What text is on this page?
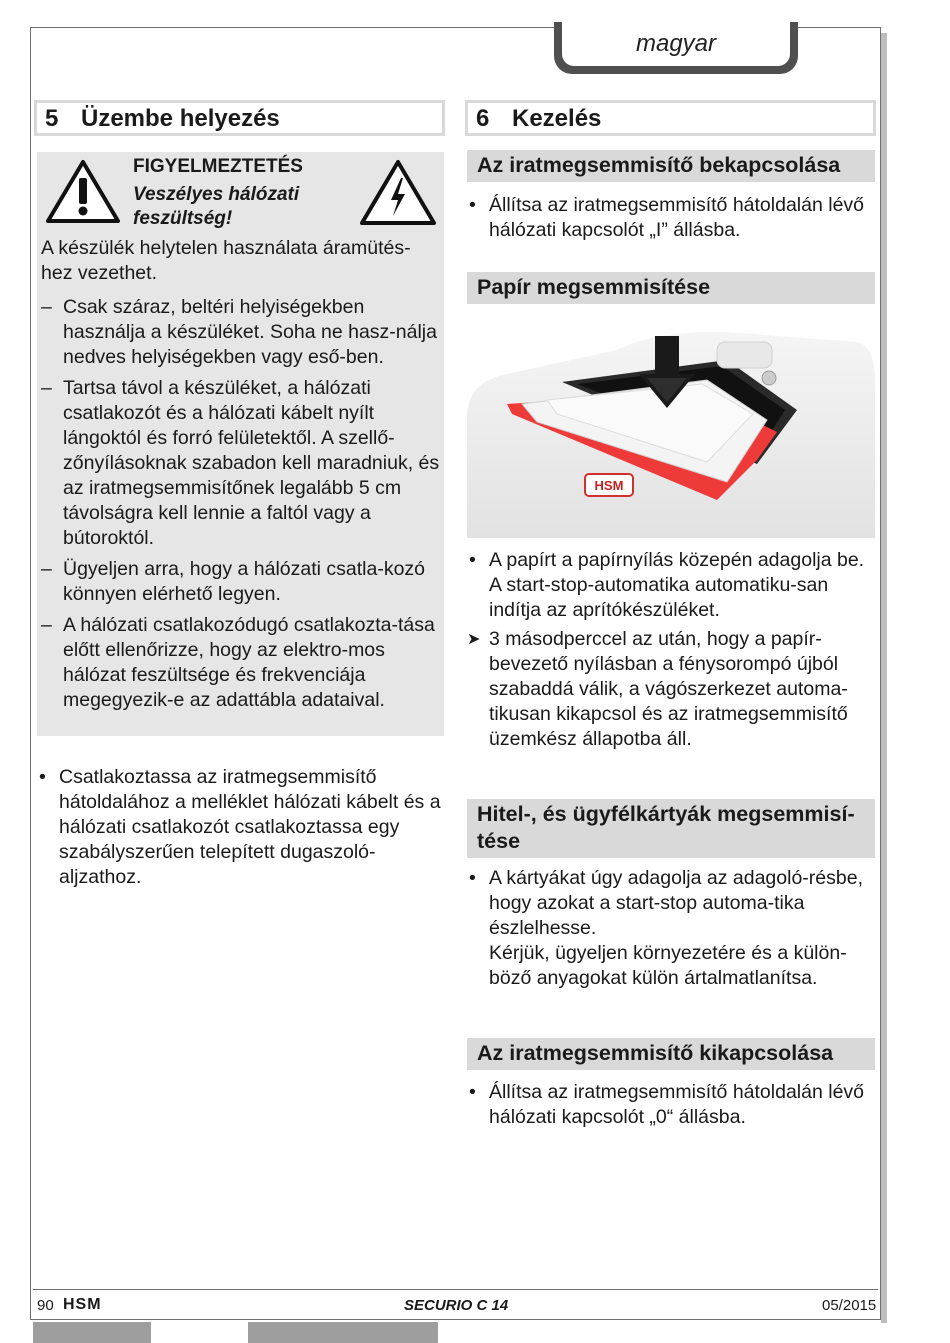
magyar
5 Üzembe helyezés
FIGYELMEZTETÉS
Veszélyes hálózati feszültség!
A készülék helytelen használata áramütés-hez vezethet.
– Csak száraz, beltéri helyiségekben használja a készüléket. Soha ne hasz-nálja nedves helyiségekben vagy eső-ben.
– Tartsa távol a készüléket, a hálózati csatlakozót és a hálózati kábelt nyílt lángoktól és forró felületektől. A szellő-zőnyílásoknak szabadon kell maradniuk, és az iratmegsemmisítőnek legalább 5 cm távolságra kell lennie a faltól vagy a bútoroktól.
– Ügyeljen arra, hogy a hálózati csatla-kozó könnyen elérhető legyen.
– A hálózati csatlakozódugó csatlakozta-tása előtt ellenőrizze, hogy az elektro-mos hálózat feszültsége és frekvenciája megegyezik-e az adattábla adataival.
• Csatlakoztassa az iratmegsemmisítő hátoldalához a melléklet hálózati kábelt és a hálózati csatlakozót csatlakoztassa egy szabályszerűen telepített dugaszoló-aljzathoz.
6 Kezelés
Az iratmegsemmisítő bekapcsolása
• Állítsa az iratmegsemmisítő hátoldalán lévő hálózati kapcsolót „I” állásba.
Papír megsemmisítése
HSM
• A papírt a papírnyílás közepén adagolja be. A start-stop-automatika automatiku-san indítja az aprítókészüléket.
➤ 3 másodperccel az után, hogy a papír-bevezető nyílásban a fénysorompó újból szabaddá válik, a vágószerkezet automa-tikusan kikapcsol és az iratmegsemmisítő üzemkész állapotba áll.
Hitel-, és ügyfélkártyák megsemmisí-tése
• A kártyákat úgy adagolja az adagoló-résbe, hogy azokat a start-stop automa-tika észlelhesse.
Kérjük, ügyeljen környezetére és a külön-böző anyagokat külön ártalmatlanítsa.
Az iratmegsemmisítő kikapcsolása
• Állítsa az iratmegsemmisítő hátoldalán lévő hálózati kapcsolót „0“ állásba.
90 HSM	SECURIO C 14	05/2015
